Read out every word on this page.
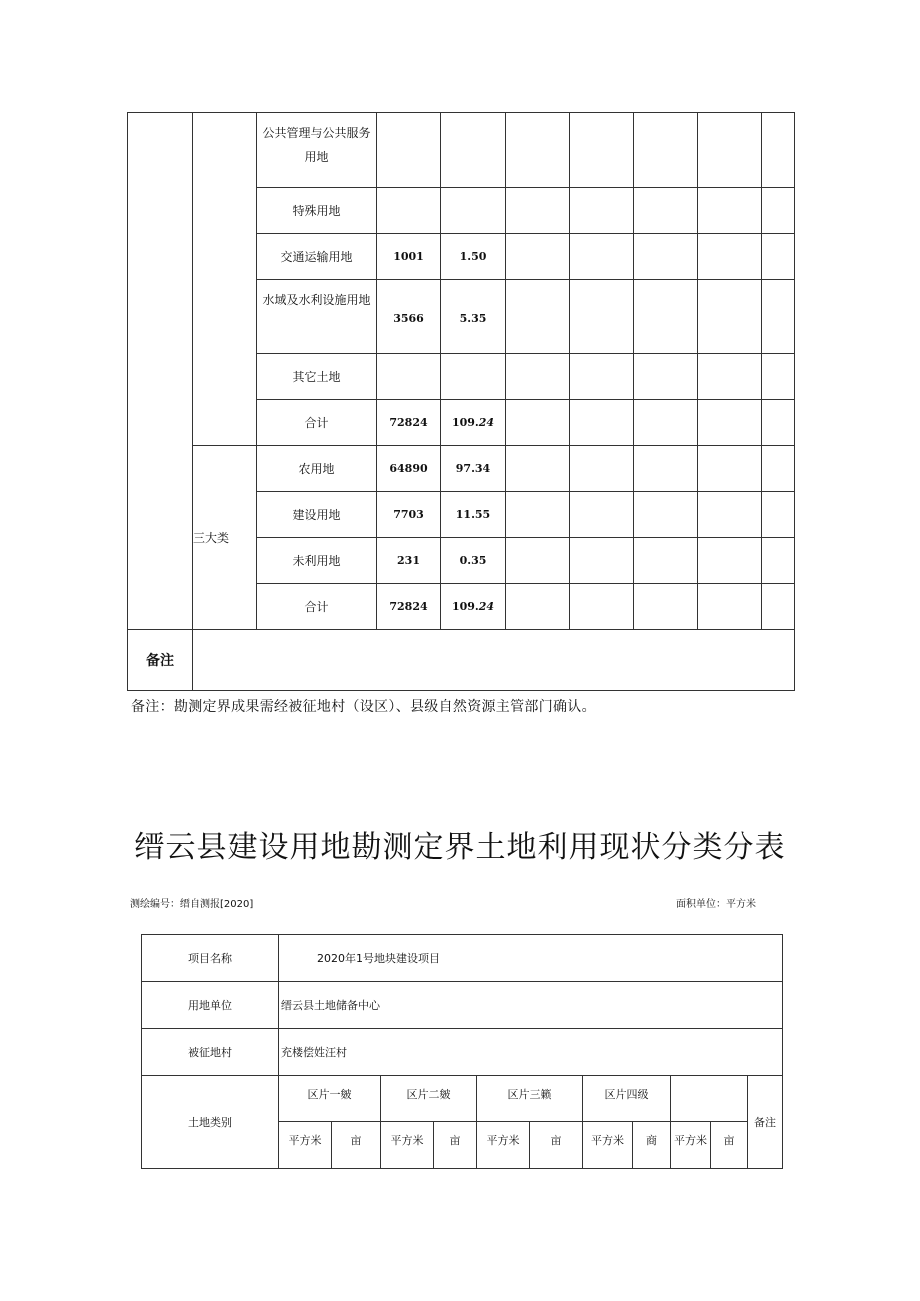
		公共管理与公共服务用地							
		特殊用地							
		交通运输用地	1001	1.50					
		水域及水利设施用地	3566	5.35					
		其它土地							
		合计	72824	109.24					
	三大类	农用地	64890	97.34					
		建设用地	7703	11.55					
		未利用地	231	0.35					
		合计	72824	109.24					
备注									
备注：勘测定界成果需经被征地村（设区）、县级自然资源主管部门确认。
缙云县建设用地勘测定界土地利用现状分类分表
测绘编号：缙自测报[2020]	面积单位：平方米
项目名称	2020年1号地块建设项目										
用地单位	缙云县土地储备中心										
被征地村	充楼偿姓汪村										
土地类别	区片一皴		区片二皴		区片三籁		区片四级				备注
	平方米	亩	平方米	亩	平方米	亩	平方米	商	平方米	亩	
